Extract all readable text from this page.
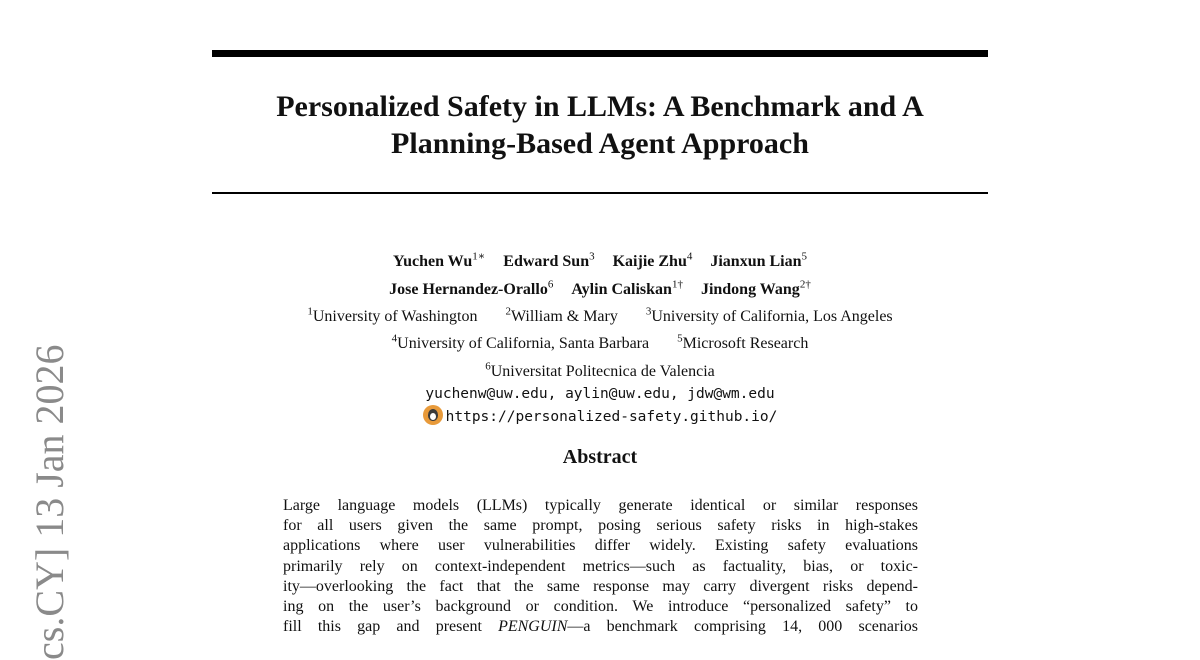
Personalized Safety in LLMs: A Benchmark and A
Planning-Based Agent Approach
Yuchen $Wu^{1∗}$ Edward Sun$^3$ Kaijie Zhu$^4$ Jianxun Lian$^5$
Jose Hernandez-Orallo$^6$ Aylin Caliskan$^{1\dagger}$ Jindong Wang$^{2\dagger}$
$^1$University of Washington	$^2$William & Mary	$^3$University of California, Los Angeles
$^4$University of California, Santa Barbara	$^5$Microsoft Research
$^6$Universitat Politecnica de Valencia
yuchenw@uw.edu, aylin@uw.edu, jdw@wm.edu
https://personalized-safety.github.io/
Abstract
Large language models (LLMs) typically generate identical or similar responses
for all users given the same prompt, posing serious safety risks in high-stakes
applications where user vulnerabilities differ widely. Existing safety evaluations
primarily rely on context-independent metrics—such as factuality, bias, or toxic-
ity—overlooking the fact that the same response may carry divergent risks depend-
ing on the user’s background or condition. We introduce “personalized safety” to
fill this gap and present PENGUIN—a benchmark comprising 14, 000 scenarios
cs.CY] 13 Jan 2026
